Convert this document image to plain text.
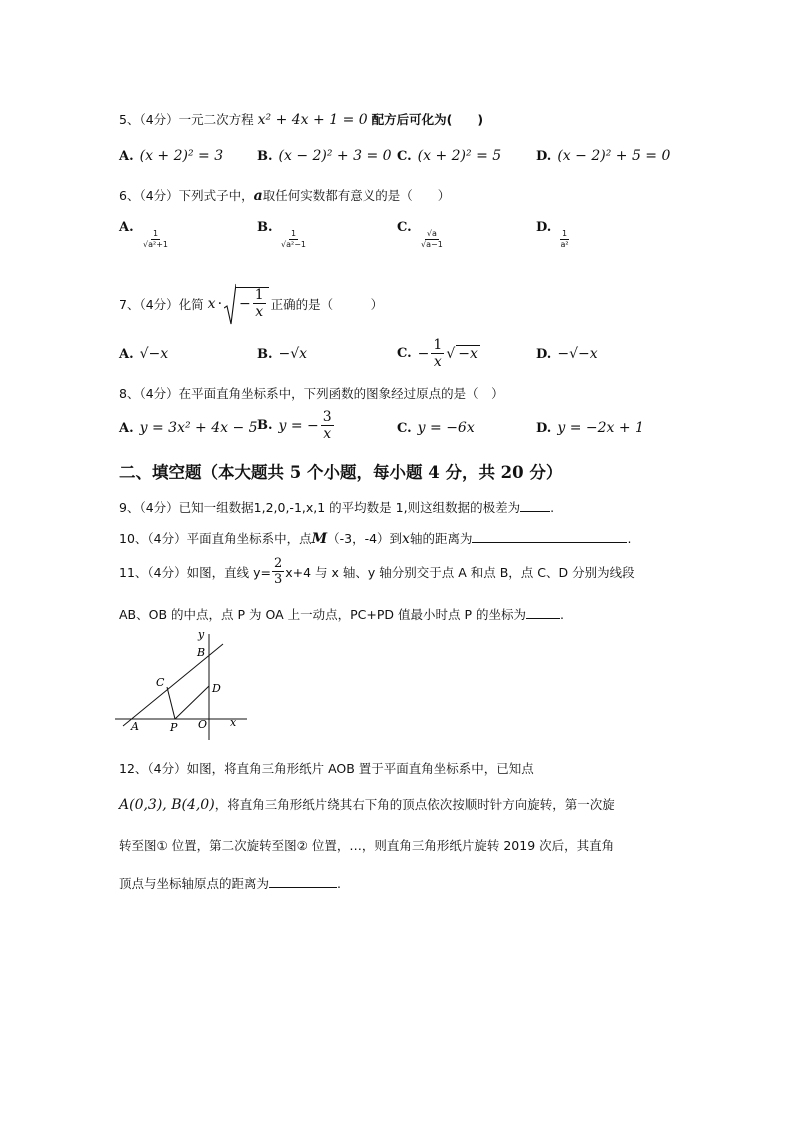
5、（4分）一元二次方程 x² + 4x + 1 = 0 配方后可化为(　　)
A. (x + 2)² = 3	B. (x − 2)² + 3 = 0 C. (x + 2)² = 5	D. (x − 2)² + 5 = 0
6、（4分）下列式子中，a取任何实数都有意义的是（　　）
A.
$\frac{1}{\text{√a²+1}}$
B.
$\frac{1}{\text{√a²−1}}$
C.
$\frac{√a}{√a-1}$
D.
$\frac{1}{\text{a²}}$
7、（4分）化简 x · − $\frac{1}{x}$ 正确的是（　　　）
A. √−x	B. −√x	C. − $\frac{1}{x}$ √ −x	D. −√−x
8、（4分）在平面直角坐标系中，下列函数的图象经过原点的是（　）
A. y = 3x² + 4x − 5 B. y = − $\frac{3}{x}$	C. y = −6x	D. y = −2x + 1
二、填空题（本大题共 5 个小题，每小题 4 分，共 20 分）
9、（4分）已知一组数据1,2,0,-1,x,1 的平均数是 1,则这组数据的极差为 .
10、（4分）平面直角坐标系中，点M（-3，-4）到x轴的距离为	.
11、（4分）如图，直线 $y= \frac{2}{3} x+4$ 与 x 轴、y 轴分别交于点 A 和点 B，点 C、D 分别为线段
AB、OB 的中点，点 P 为 OA 上一动点，PC+PD 值最小时点 P 的坐标为	.
y
B
C	D
A	P O x
12、（4分）如图，将直角三角形纸片 AOB 置于平面直角坐标系中，已知点
A(0,3), B(4,0)，将直角三角形纸片绕其右下角的顶点依次按顺时针方向旋转，第一次旋
转至图① 位置，第二次旋转至图② 位置，…，则直角三角形纸片旋转 2019 次后，其直角
顶点与坐标轴原点的距离为	.
